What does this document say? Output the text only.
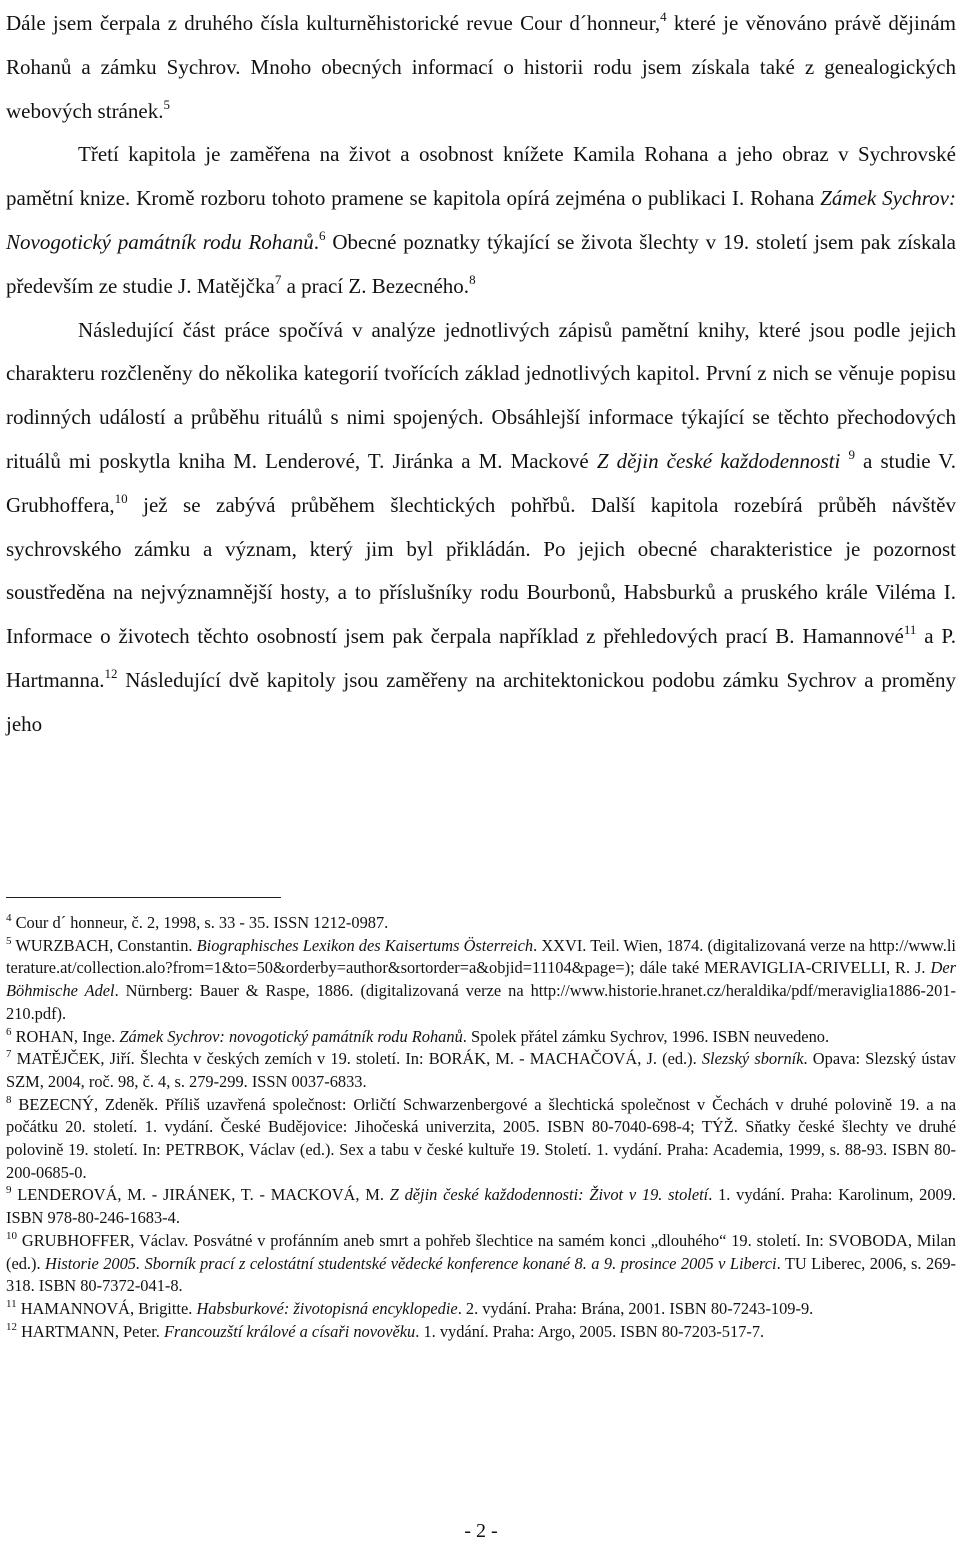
Dále jsem čerpala z druhého čísla kulturněhistorické revue Cour d´honneur,$^4$ které je věnováno právě dějinám Rohanů a zámku Sychrov. Mnoho obecných informací o historii rodu jsem získala také z genealogických webových stránek.$^5$

Třetí kapitola je zaměřena na život a osobnost knížete Kamila Rohana a jeho obraz v Sychrovské pamětní knize. Kromě rozboru tohoto pramene se kapitola opírá zejména o publikaci I. Rohana Zámek Sychrov: Novogotický památník rodu Rohanů.$^6$ Obecné poznatky týkající se života šlechty v 19. století jsem pak získala především ze studie J. Matějčka$^7$ a prací Z. Bezecného.$^8$

Následující část práce spočívá v analýze jednotlivých zápisů pamětní knihy, které jsou podle jejich charakteru rozčleněny do několika kategorií tvořících základ jednotlivých kapitol. První z nich se věnuje popisu rodinných událostí a průběhu rituálů s nimi spojených. Obsáhlejší informace týkající se těchto přechodových rituálů mi poskytla kniha M. Lenderové, T. Jiránka a M. Mackové Z dějin české každodennosti $^9$ a studie V. Grubhoffera,$^{10}$ jež se zabývá průběhem šlechtických pohřbů. Další kapitola rozebírá průběh návštěv sychrovského zámku a význam, který jim byl přikládán. Po jejich obecné charakteristice je pozornost soustředěna na nejvýznamnější hosty, a to příslušníky rodu Bourbonů, Habsburků a pruského krále Viléma I. Informace o životech těchto osobností jsem pak čerpala například z přehledových prací B. Hamannové$^{11}$ a P. Hartmanna.$^{12}$ Následující dvě kapitoly jsou zaměřeny na architektonickou podobu zámku Sychrov a proměny jeho

$^4$ Cour d´ honneur, č. 2, 1998, s. 33 - 35. ISSN 1212-0987.

$^5$ WURZBACH, Constantin. Biographisches Lexikon des Kaisertums Österreich. XXVI. Teil. Wien, 1874. (digitalizovaná verze na http://www.literature.at/collection.alo?from=1&to=50&orderby=author&sortorder=a&objid=11104&page=); dále také MERAVIGLIA-CRIVELLI, R. J. Der Böhmische Adel. Nürnberg: Bauer & Raspe, 1886. (digitalizovaná verze na http://www.historie.hranet.cz/heraldika/pdf/meraviglia1886-201-210.pdf).

$^6$ ROHAN, Inge. Zámek Sychrov: novogotický památník rodu Rohanů. Spolek přátel zámku Sychrov, 1996. ISBN neuvedeno.

$^7$ MATĚJČEK, Jiří. Šlechta v českých zemích v 19. století. In: BORÁK, M. - MACHAČOVÁ, J. (ed.). Slezský sborník. Opava: Slezský ústav SZM, 2004, roč. 98, č. 4, s. 279-299. ISSN 0037-6833.

$^8$ BEZECNÝ, Zdeněk. Příliš uzavřená společnost: Orličtí Schwarzenbergové a šlechtická společnost v Čechách v druhé polovině 19. a na počátku 20. století. 1. vydání. České Budějovice: Jihočeská univerzita, 2005. ISBN 80-7040-698-4; TÝŽ. Sňatky české šlechty ve druhé polovině 19. století. In: PETRBOK, Václav (ed.). Sex a tabu v české kultuře 19. Století. 1. vydání. Praha: Academia, 1999, s. 88-93. ISBN 80-200-0685-0.

$^9$ LENDEROVÁ, M. - JIRÁNEK, T. - MACKOVÁ, M. Z dějin české každodennosti: Život v 19. století. 1. vydání. Praha: Karolinum, 2009. ISBN 978-80-246-1683-4.

$^{10}$ GRUBHOFFER, Václav. Posvátné v profánním aneb smrt a pohřeb šlechtice na samém konci „dlouhého“ 19. století. In: SVOBODA, Milan (ed.). Historie 2005. Sborník prací z celostátní studentské vědecké konference konané 8. a 9. prosince 2005 v Liberci. TU Liberec, 2006, s. 269-318. ISBN 80-7372-041-8.

$^{11}$ HAMANNOVÁ, Brigitte. Habsburkové: životopisná encyklopedie. 2. vydání. Praha: Brána, 2001. ISBN 80-7243-109-9.

$^{12}$ HARTMANN, Peter. Francouzští králové a císaři novověku. 1. vydání. Praha: Argo, 2005. ISBN 80-7203-517-7.

- 2 -
